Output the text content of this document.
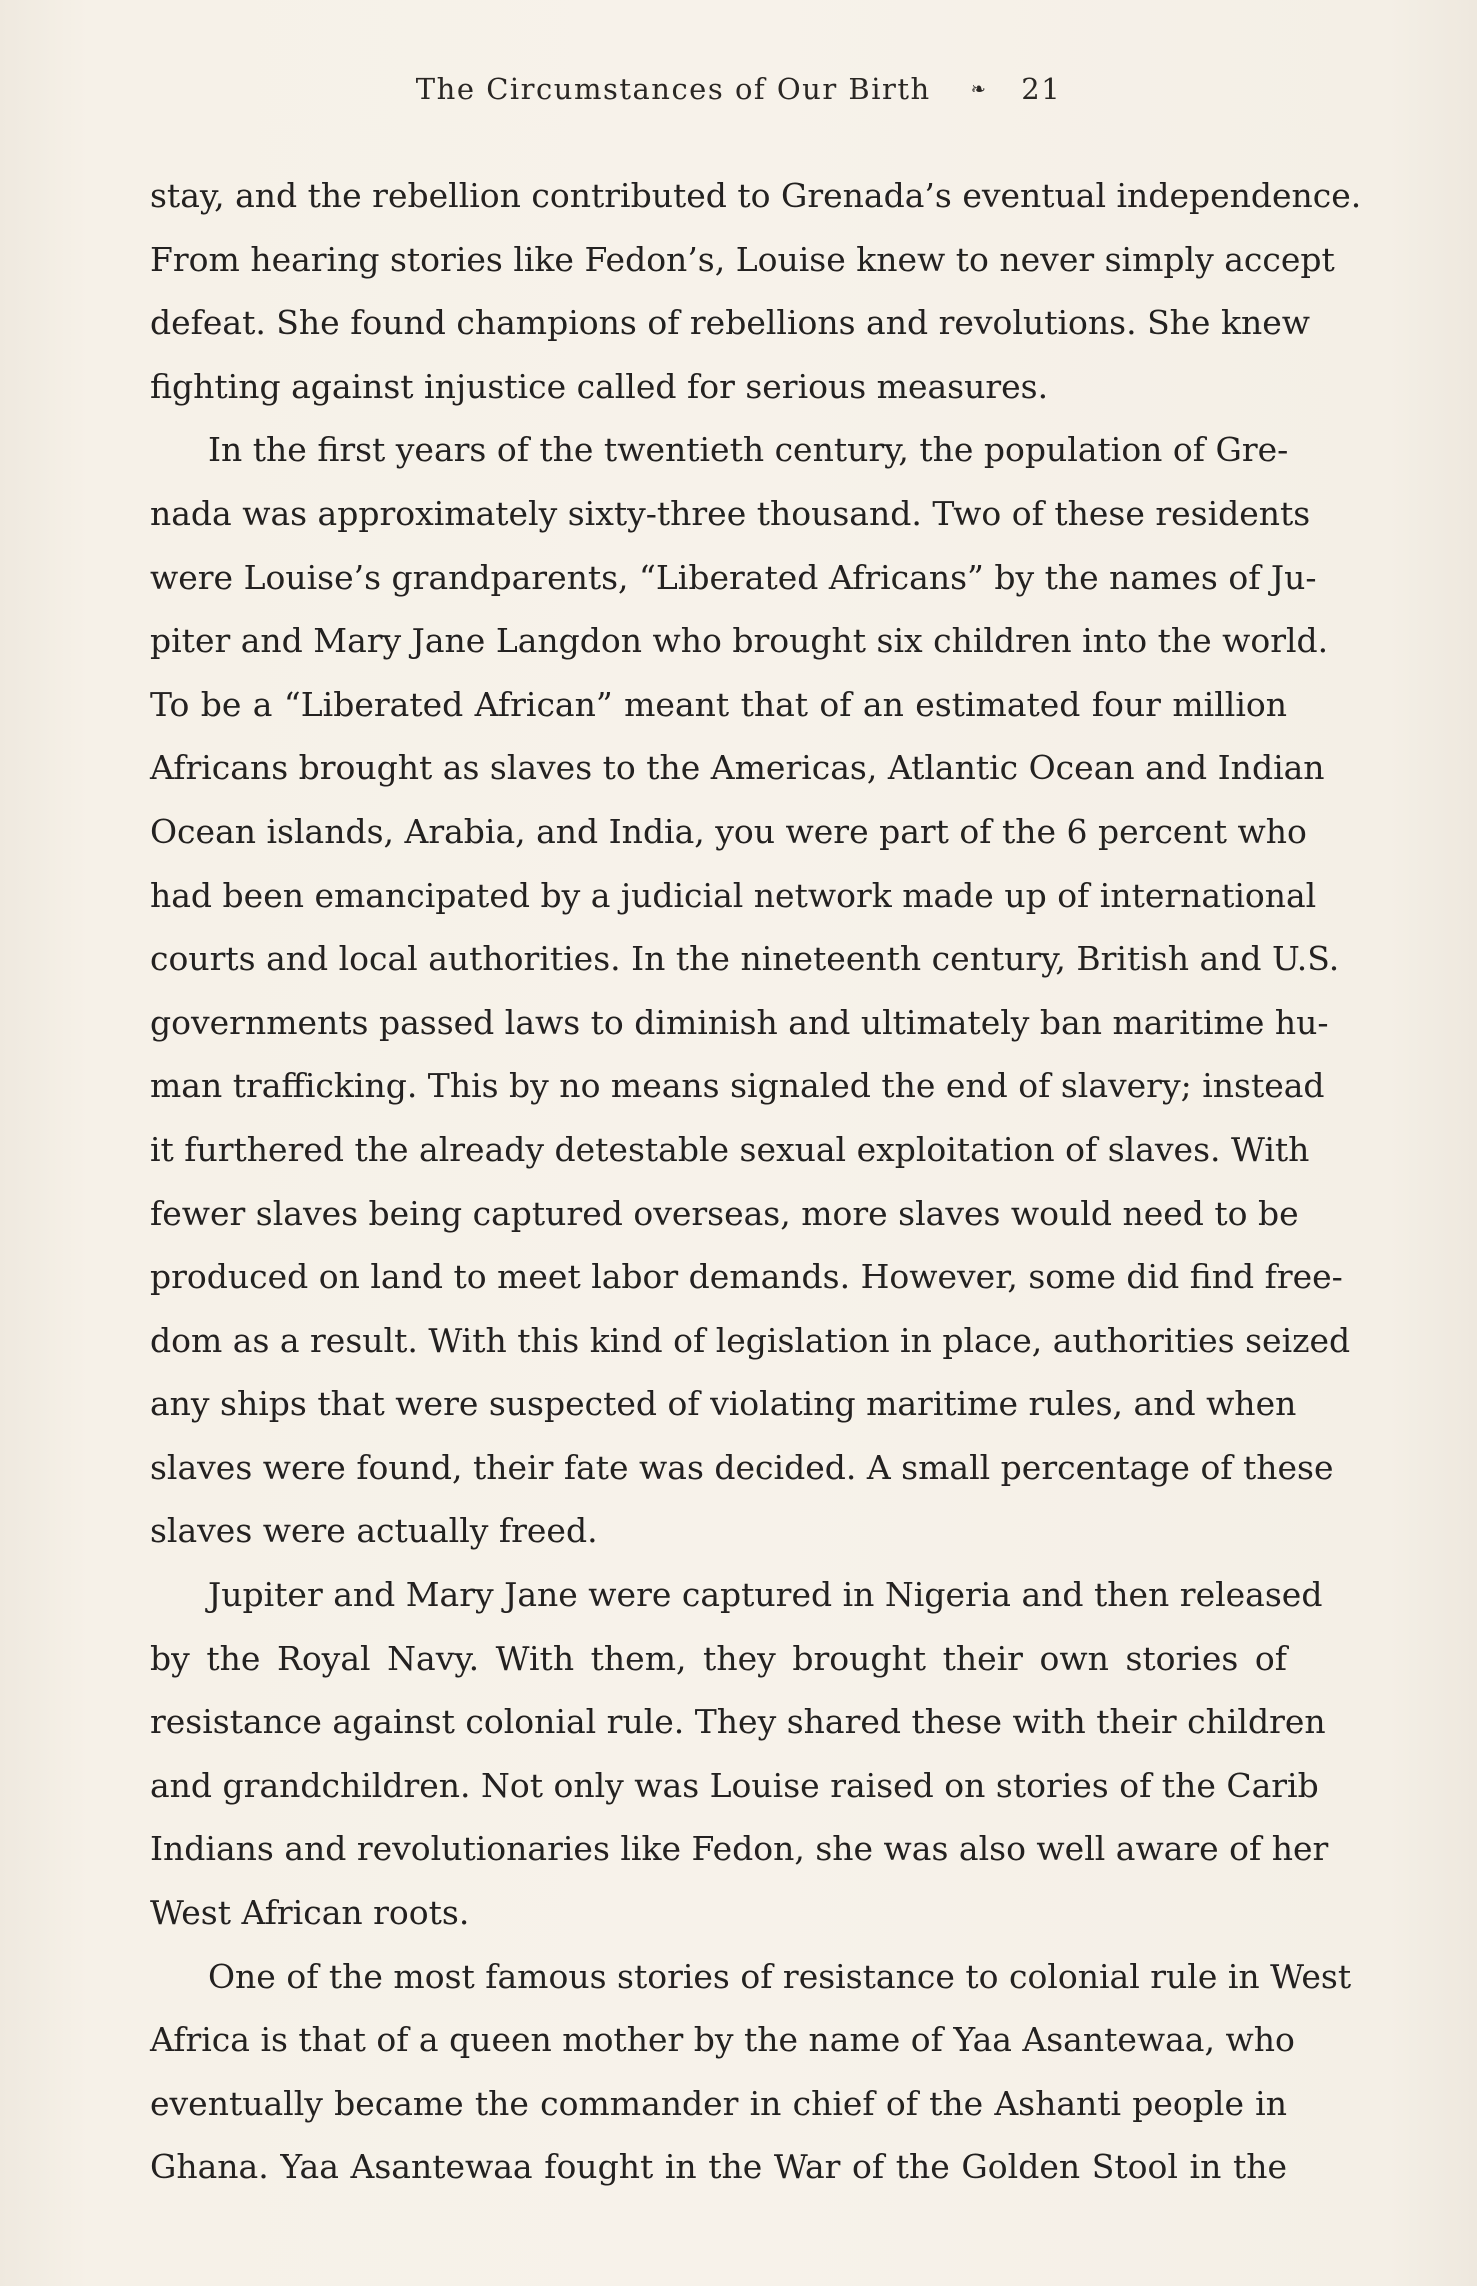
The Circumstances of Our Birth ❧ 21
stay, and the rebellion contributed to Grenada’s eventual independence.
From hearing stories like Fedon’s, Louise knew to never simply accept
defeat. She found champions of rebellions and revolutions. She knew
fighting against injustice called for serious measures.
In the first years of the twentieth century, the population of Gre-
nada was approximately sixty-three thousand. Two of these residents
were Louise’s grandparents, “Liberated Africans” by the names of Ju-
piter and Mary Jane Langdon who brought six children into the world.
To be a “Liberated African” meant that of an estimated four million
Africans brought as slaves to the Americas, Atlantic Ocean and Indian
Ocean islands, Arabia, and India, you were part of the 6 percent who
had been emancipated by a judicial network made up of international
courts and local authorities. In the nineteenth century, British and U.S.
governments passed laws to diminish and ultimately ban maritime hu-
man trafficking. This by no means signaled the end of slavery; instead
it furthered the already detestable sexual exploitation of slaves. With
fewer slaves being captured overseas, more slaves would need to be
produced on land to meet labor demands. However, some did find free-
dom as a result. With this kind of legislation in place, authorities seized
any ships that were suspected of violating maritime rules, and when
slaves were found, their fate was decided. A small percentage of these
slaves were actually freed.
Jupiter and Mary Jane were captured in Nigeria and then released
by the Royal Navy. With them, they brought their own stories of
resistance against colonial rule. They shared these with their children
and grandchildren. Not only was Louise raised on stories of the Carib
Indians and revolutionaries like Fedon, she was also well aware of her
West African roots.
One of the most famous stories of resistance to colonial rule in West
Africa is that of a queen mother by the name of Yaa Asantewaa, who
eventually became the commander in chief of the Ashanti people in
Ghana. Yaa Asantewaa fought in the War of the Golden Stool in the
